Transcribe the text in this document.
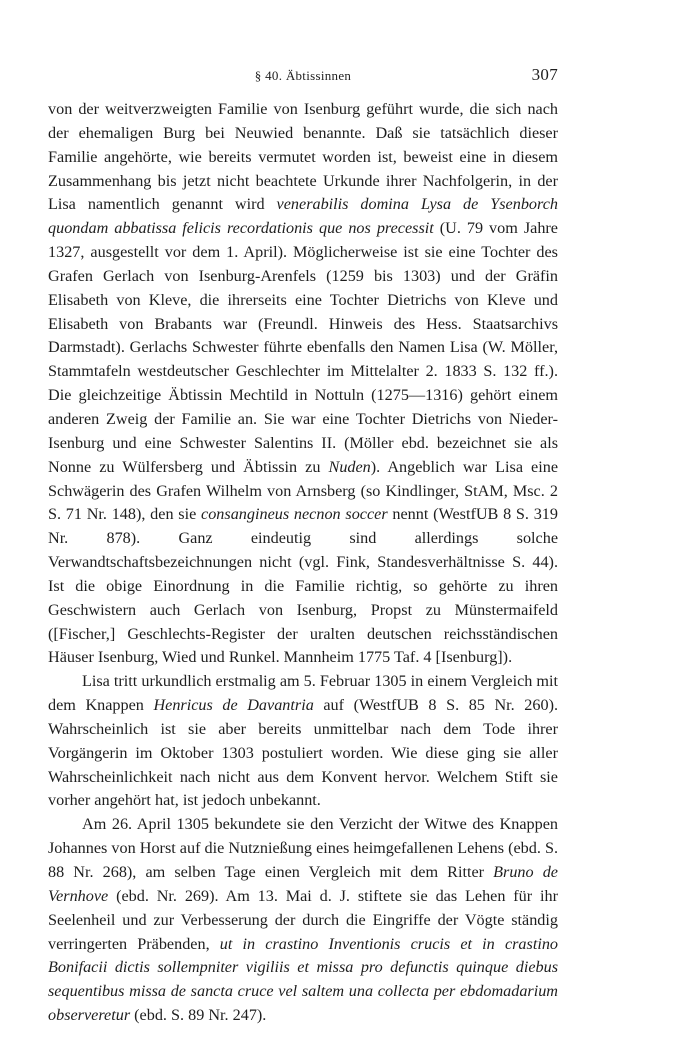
§ 40. Äbtissinnen	307

von der weitverzweigten Familie von Isenburg geführt wurde, die sich nach der ehemaligen Burg bei Neuwied benannte. Daß sie tatsächlich dieser Familie angehörte, wie bereits vermutet worden ist, beweist eine in diesem Zusammenhang bis jetzt nicht beachtete Urkunde ihrer Nachfolgerin, in der Lisa namentlich genannt wird venerabilis domina Lysa de Ysenborch quondam abbatissa felicis recordationis que nos precessit (U. 79 vom Jahre 1327, ausgestellt vor dem 1. April). Möglicherweise ist sie eine Tochter des Grafen Gerlach von Isenburg-Arenfels (1259 bis 1303) und der Gräfin Elisabeth von Kleve, die ihrerseits eine Tochter Dietrichs von Kleve und Elisabeth von Brabants war (Freundl. Hinweis des Hess. Staatsarchivs Darmstadt). Gerlachs Schwester führte ebenfalls den Namen Lisa (W. Möller, Stammtafeln westdeutscher Geschlechter im Mittelalter 2. 1833 S. 132 ff.). Die gleichzeitige Äbtissin Mechtild in Nottuln (1275—1316) gehört einem anderen Zweig der Familie an. Sie war eine Tochter Dietrichs von Nieder-Isenburg und eine Schwester Salentins II. (Möller ebd. bezeichnet sie als Nonne zu Wülfersberg und Äbtissin zu Nuden). Angeblich war Lisa eine Schwägerin des Grafen Wilhelm von Arnsberg (so Kindlinger, StAM, Msc. 2 S. 71 Nr. 148), den sie consangineus necnon soccer nennt (WestfUB 8 S. 319 Nr. 878). Ganz eindeutig sind allerdings solche Verwandtschaftsbezeichnungen nicht (vgl. Fink, Standesverhältnisse S. 44). Ist die obige Einordnung in die Familie richtig, so gehörte zu ihren Geschwistern auch Gerlach von Isenburg, Propst zu Münstermaifeld ([Fischer,] Geschlechts-Register der uralten deutschen reichsständischen Häuser Isenburg, Wied und Runkel. Mannheim 1775 Taf. 4 [Isenburg]).

Lisa tritt urkundlich erstmalig am 5. Februar 1305 in einem Vergleich mit dem Knappen Henricus de Davantria auf (WestfUB 8 S. 85 Nr. 260). Wahrscheinlich ist sie aber bereits unmittelbar nach dem Tode ihrer Vorgängerin im Oktober 1303 postuliert worden. Wie diese ging sie aller Wahrscheinlichkeit nach nicht aus dem Konvent hervor. Welchem Stift sie vorher angehört hat, ist jedoch unbekannt.

Am 26. April 1305 bekundete sie den Verzicht der Witwe des Knappen Johannes von Horst auf die Nutznießung eines heimgefallenen Lehens (ebd. S. 88 Nr. 268), am selben Tage einen Vergleich mit dem Ritter Bruno de Vernhove (ebd. Nr. 269). Am 13. Mai d. J. stiftete sie das Lehen für ihr Seelenheil und zur Verbesserung der durch die Eingriffe der Vögte ständig verringerten Präbenden, ut in crastino Inventionis crucis et in crastino Bonifacii dictis sollempniter vigiliis et missa pro defunctis quinque diebus sequentibus missa de sancta cruce vel saltem una collecta per ebdomadarium observeretur (ebd. S. 89 Nr. 247).
